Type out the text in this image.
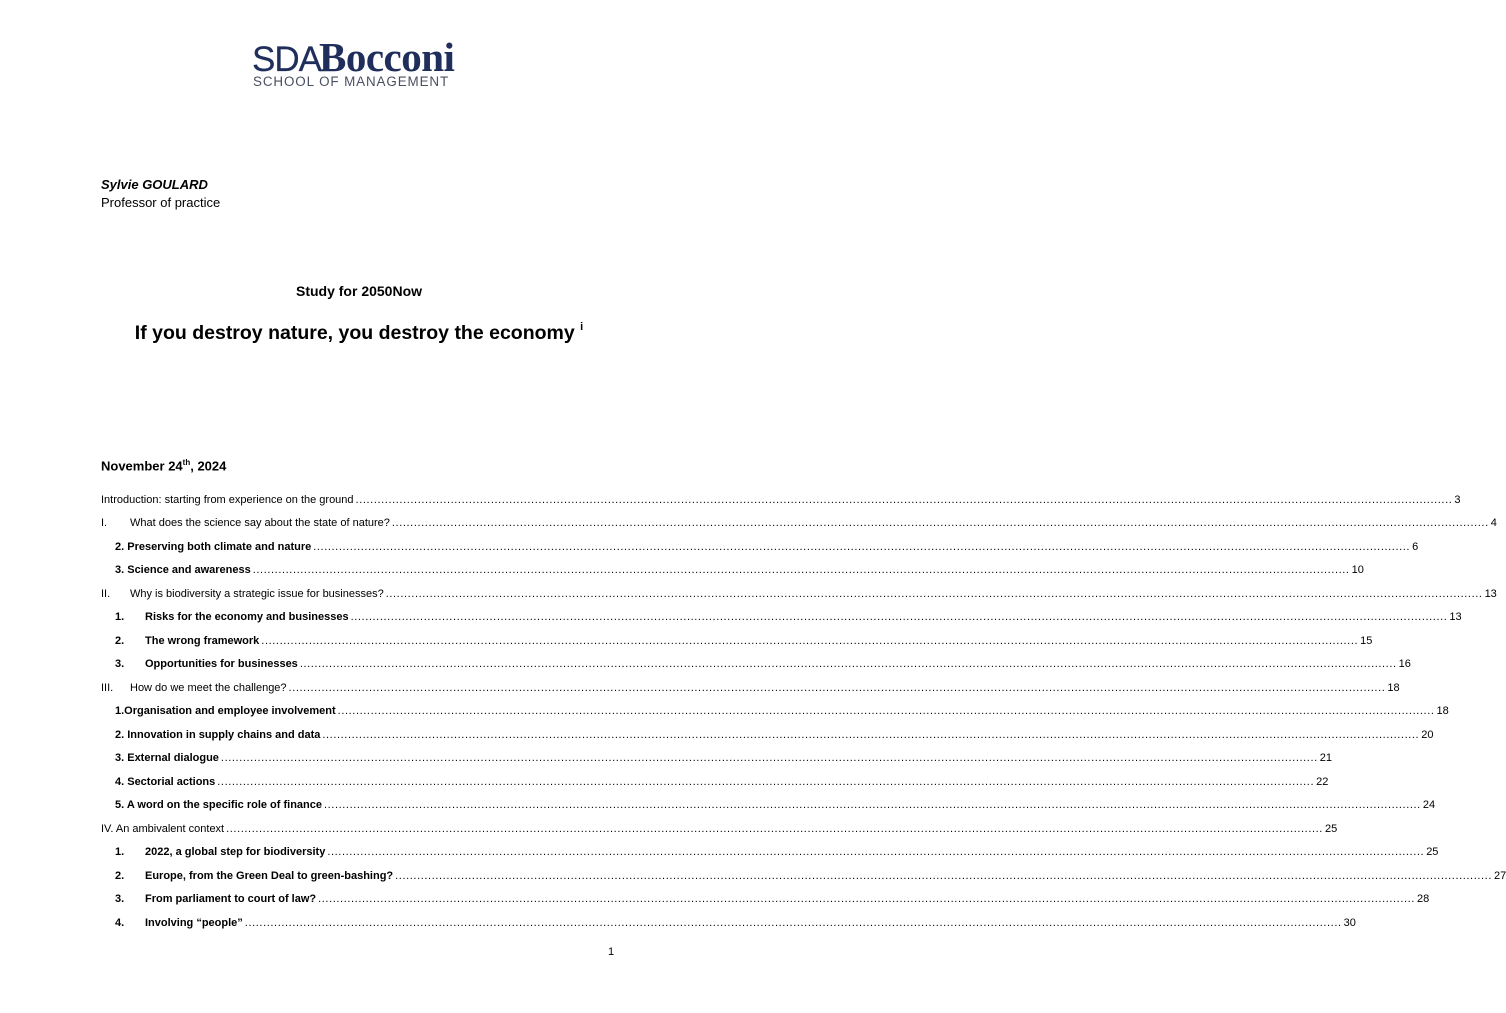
SDABocconi
SCHOOL OF MANAGEMENT
Sylvie GOULARD
Professor of practice
Study for 2050Now
If you destroy nature, you destroy the economy $^i$
November 24th, 2024
Introduction: starting from experience on the ground ............................................................................................................................................................................................................................................................................................................ 3
I.	What does the science say about the state of nature? ............................................................................................................................................................................................................................................................................................................ 4
2. Preserving both climate and nature ............................................................................................................................................................................................................................................................................................................ 6
3. Science and awareness ............................................................................................................................................................................................................................................................................................................ 10
II.	Why is biodiversity a strategic issue for businesses? ............................................................................................................................................................................................................................................................................................................ 13
1.	Risks for the economy and businesses ............................................................................................................................................................................................................................................................................................................ 13
2.	The wrong framework ............................................................................................................................................................................................................................................................................................................ 15
3.	Opportunities for businesses ............................................................................................................................................................................................................................................................................................................ 16
III.	How do we meet the challenge? ............................................................................................................................................................................................................................................................................................................ 18
1.Organisation and employee involvement ............................................................................................................................................................................................................................................................................................................ 18
2. Innovation in supply chains and data ............................................................................................................................................................................................................................................................................................................ 20
3. External dialogue ............................................................................................................................................................................................................................................................................................................ 21
4. Sectorial actions ............................................................................................................................................................................................................................................................................................................ 22
5. A word on the specific role of finance ............................................................................................................................................................................................................................................................................................................ 24
IV. An ambivalent context ............................................................................................................................................................................................................................................................................................................ 25
1.	2022, a global step for biodiversity ............................................................................................................................................................................................................................................................................................................ 25
2.	Europe, from the Green Deal to green-bashing? ............................................................................................................................................................................................................................................................................................................ 27
3.	From parliament to court of law? ............................................................................................................................................................................................................................................................................................................ 28
4.	Involving “people” ............................................................................................................................................................................................................................................................................................................ 30
1
